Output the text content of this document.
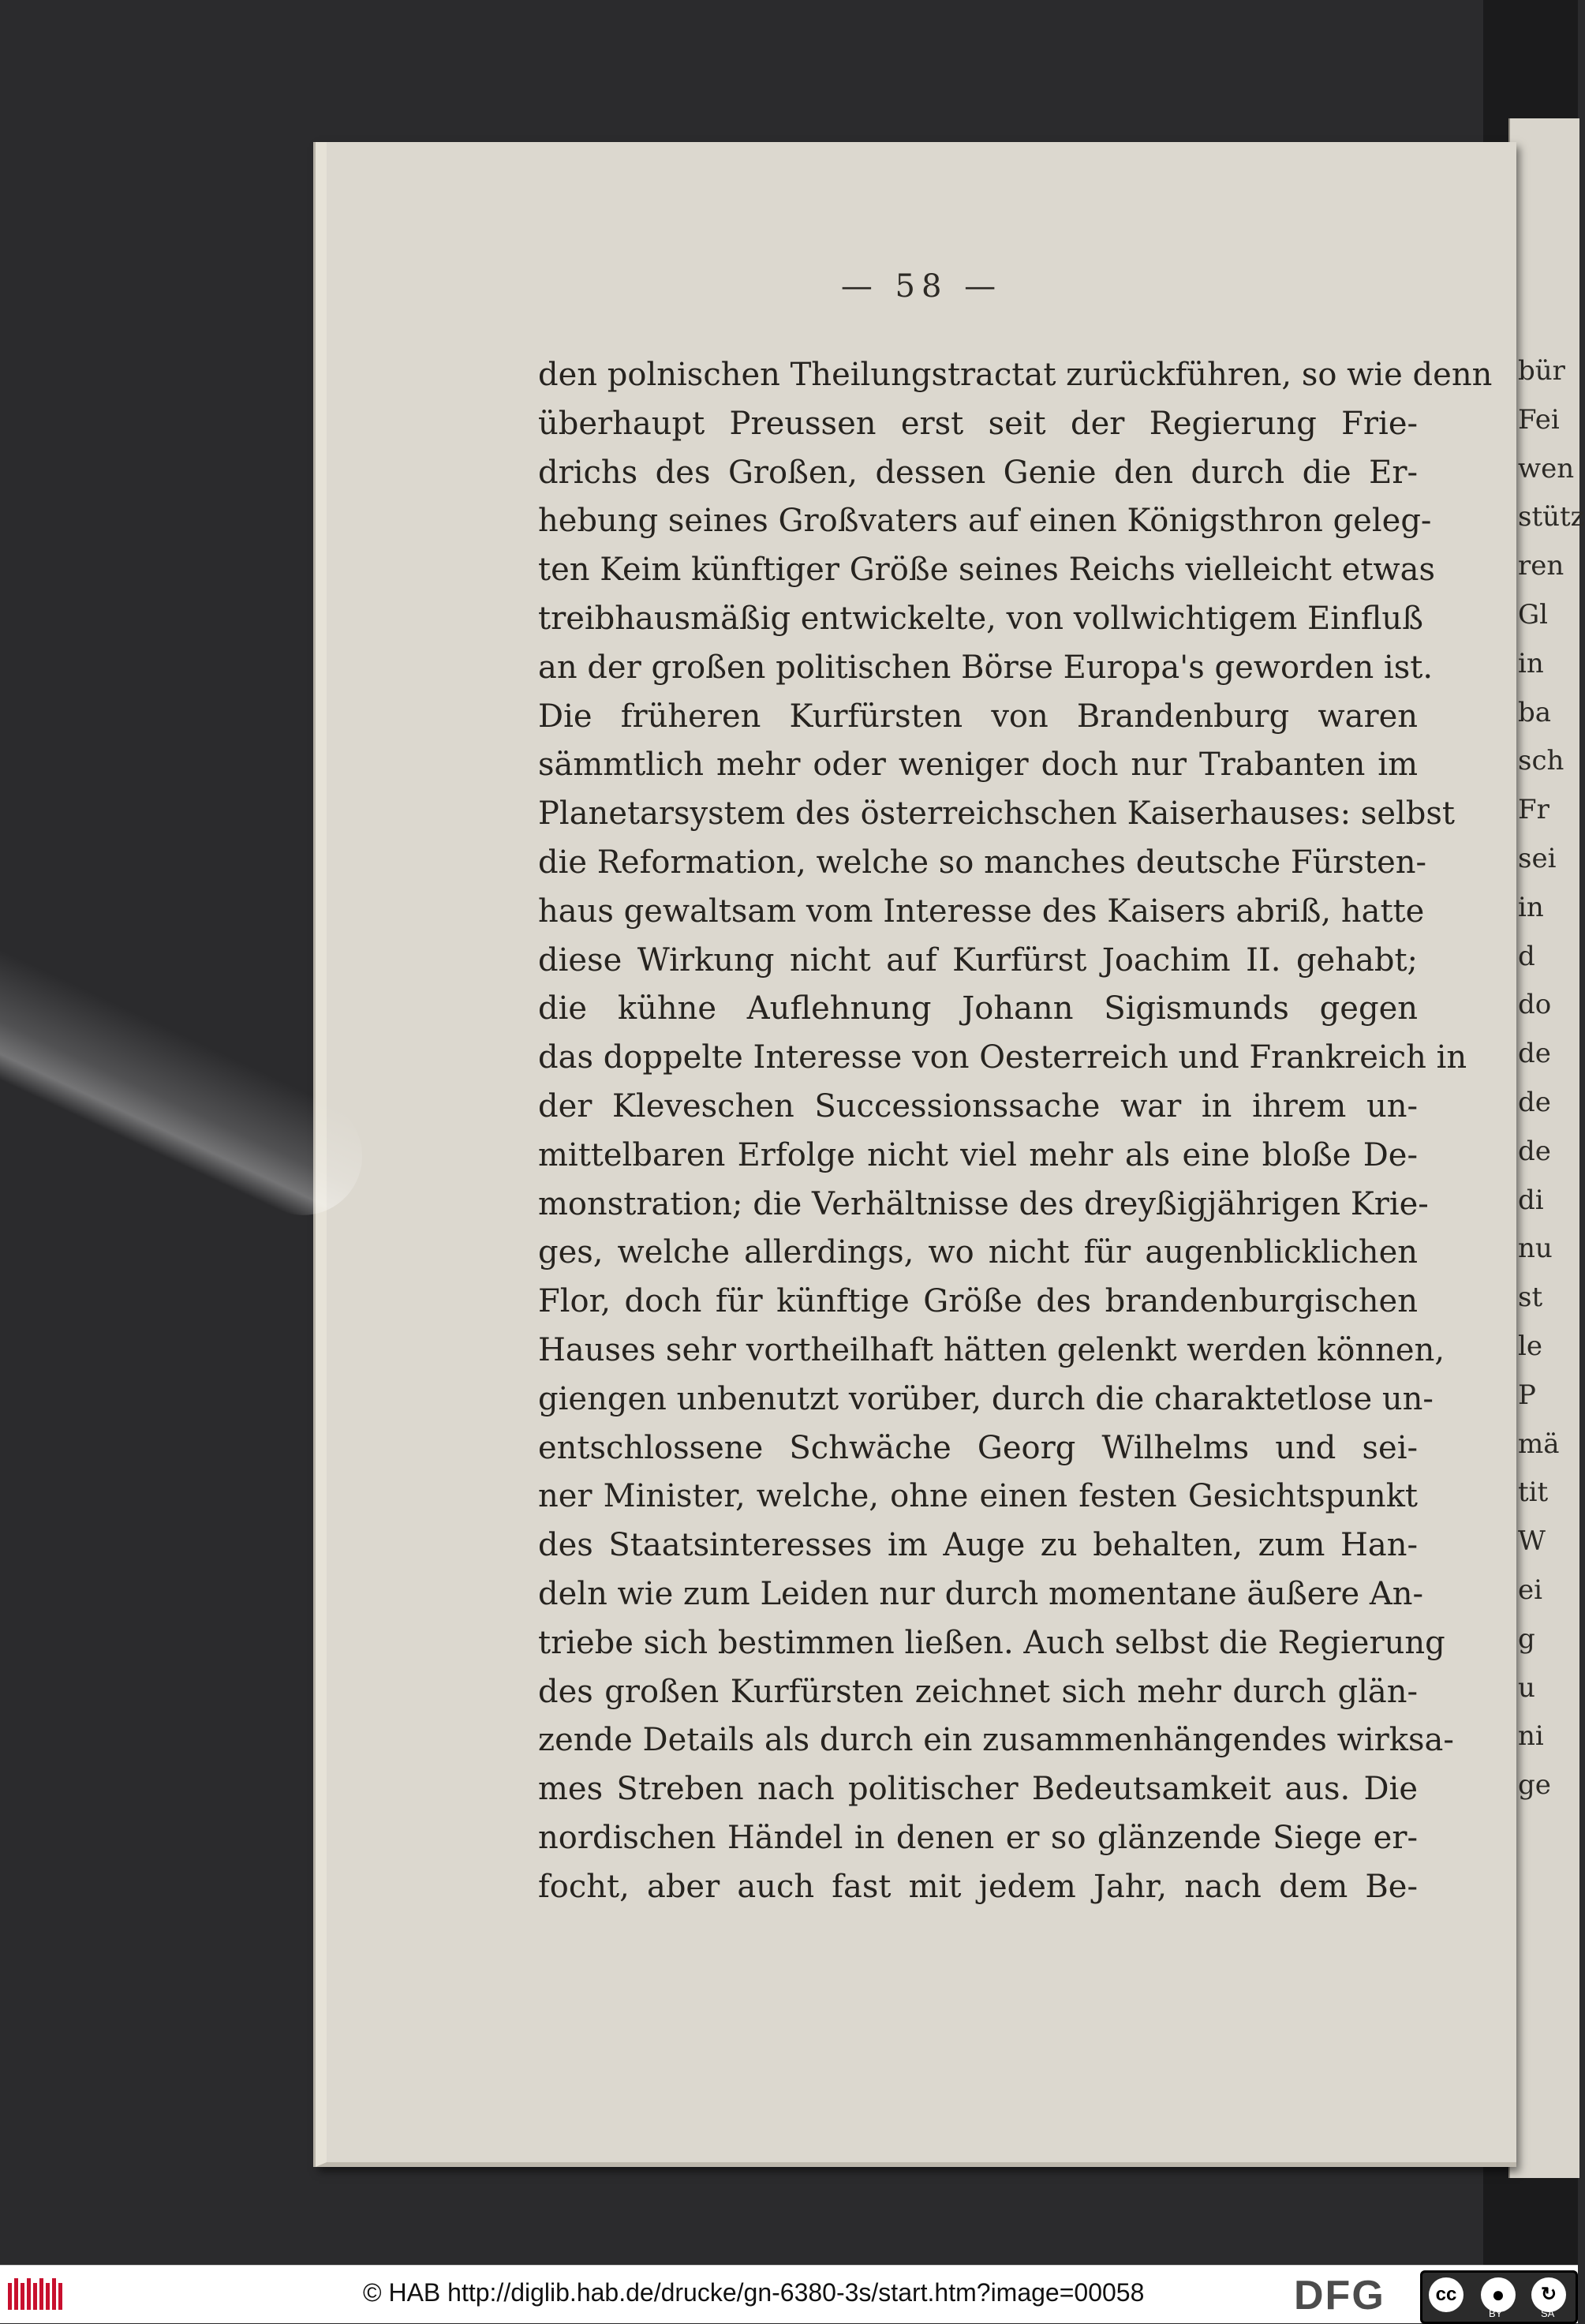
bür
Fei
wen
stütz
ren
Gl
in
ba
sch
Fr
sei
in
d
do
de
de
de
di
nu
st
le
P
mä
tit
W
ei
g
u
ni
ge

— 58 —

den polnischen Theilungstractat zurückführen, so wie denn
überhaupt Preussen erst seit der Regierung Frie-
drichs des Großen, dessen Genie den durch die Er-
hebung seines Großvaters auf einen Königsthron geleg-
ten Keim künftiger Größe seines Reichs vielleicht etwas
treibhausmäßig entwickelte, von vollwichtigem Einfluß
an der großen politischen Börse Europa's geworden ist.
Die früheren Kurfürsten von Brandenburg waren
sämmtlich mehr oder weniger doch nur Trabanten im
Planetarsystem des österreichschen Kaiserhauses: selbst
die Reformation, welche so manches deutsche Fürsten-
haus gewaltsam vom Interesse des Kaisers abriß, hatte
diese Wirkung nicht auf Kurfürst Joachim II. gehabt;
die kühne Auflehnung Johann Sigismunds gegen
das doppelte Interesse von Oesterreich und Frankreich in
der Kleveschen Successionssache war in ihrem un-
mittelbaren Erfolge nicht viel mehr als eine bloße De-
monstration; die Verhältnisse des dreyßigjährigen Krie-
ges, welche allerdings, wo nicht für augenblicklichen
Flor, doch für künftige Größe des brandenburgischen
Hauses sehr vortheilhaft hätten gelenkt werden können,
giengen unbenutzt vorüber, durch die charaktetlose un-
entschlossene Schwäche Georg Wilhelms und sei-
ner Minister, welche, ohne einen festen Gesichtspunkt
des Staatsinteresses im Auge zu behalten, zum Han-
deln wie zum Leiden nur durch momentane äußere An-
triebe sich bestimmen ließen. Auch selbst die Regierung
des großen Kurfürsten zeichnet sich mehr durch glän-
zende Details als durch ein zusammenhängendes wirksa-
mes Streben nach politischer Bedeutsamkeit aus. Die
nordischen Händel in denen er so glänzende Siege er-
focht, aber auch fast mit jedem Jahr, nach dem Be-
© HAB http://diglib.hab.de/drucke/gn-6380-3s/start.htm?image=00058	DFG	cc	●
BY
↻
SA
